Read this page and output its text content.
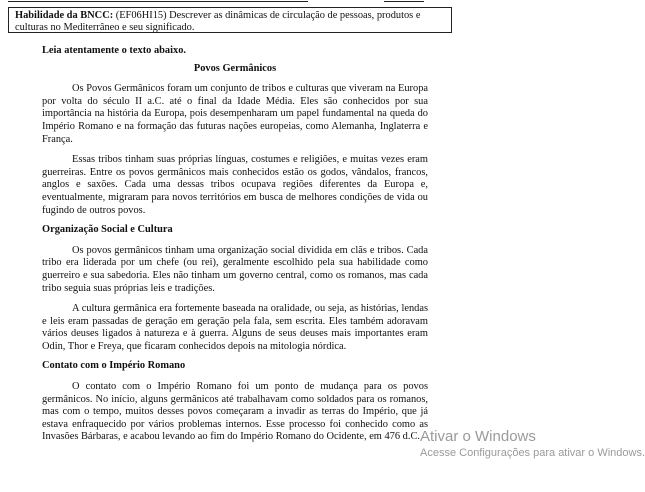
Habilidade da BNCC: (EF06HI15) Descrever as dinâmicas de circulação de pessoas, produtos e culturas no Mediterrâneo e seu significado.

Leia atentamente o texto abaixo.

Povos Germânicos

Os Povos Germânicos foram um conjunto de tribos e culturas que viveram na Europa por volta do século II a.C. até o final da Idade Média. Eles são conhecidos por sua importância na história da Europa, pois desempenharam um papel fundamental na queda do Império Romano e na formação das futuras nações europeias, como Alemanha, Inglaterra e França.

Essas tribos tinham suas próprias línguas, costumes e religiões, e muitas vezes eram guerreiras. Entre os povos germânicos mais conhecidos estão os godos, vândalos, francos, anglos e saxões. Cada uma dessas tribos ocupava regiões diferentes da Europa e, eventualmente, migraram para novos territórios em busca de melhores condições de vida ou fugindo de outros povos.

Organização Social e Cultura

Os povos germânicos tinham uma organização social dividida em clãs e tribos. Cada tribo era liderada por um chefe (ou rei), geralmente escolhido pela sua habilidade como guerreiro e sua sabedoria. Eles não tinham um governo central, como os romanos, mas cada tribo seguia suas próprias leis e tradições.

A cultura germânica era fortemente baseada na oralidade, ou seja, as histórias, lendas e leis eram passadas de geração em geração pela fala, sem escrita. Eles também adoravam vários deuses ligados à natureza e à guerra. Alguns de seus deuses mais importantes eram Odin, Thor e Freya, que ficaram conhecidos depois na mitologia nórdica.

Contato com o Império Romano

O contato com o Império Romano foi um ponto de mudança para os povos germânicos. No início, alguns germânicos até trabalhavam como soldados para os romanos, mas com o tempo, muitos desses povos começaram a invadir as terras do Império, que já estava enfraquecido por vários problemas internos. Esse processo foi conhecido como as Invasões Bárbaras, e acabou levando ao fim do Império Romano do Ocidente, em 476 d.C. Ativar o Windows
Acesse Configurações para ativar o Windows.
